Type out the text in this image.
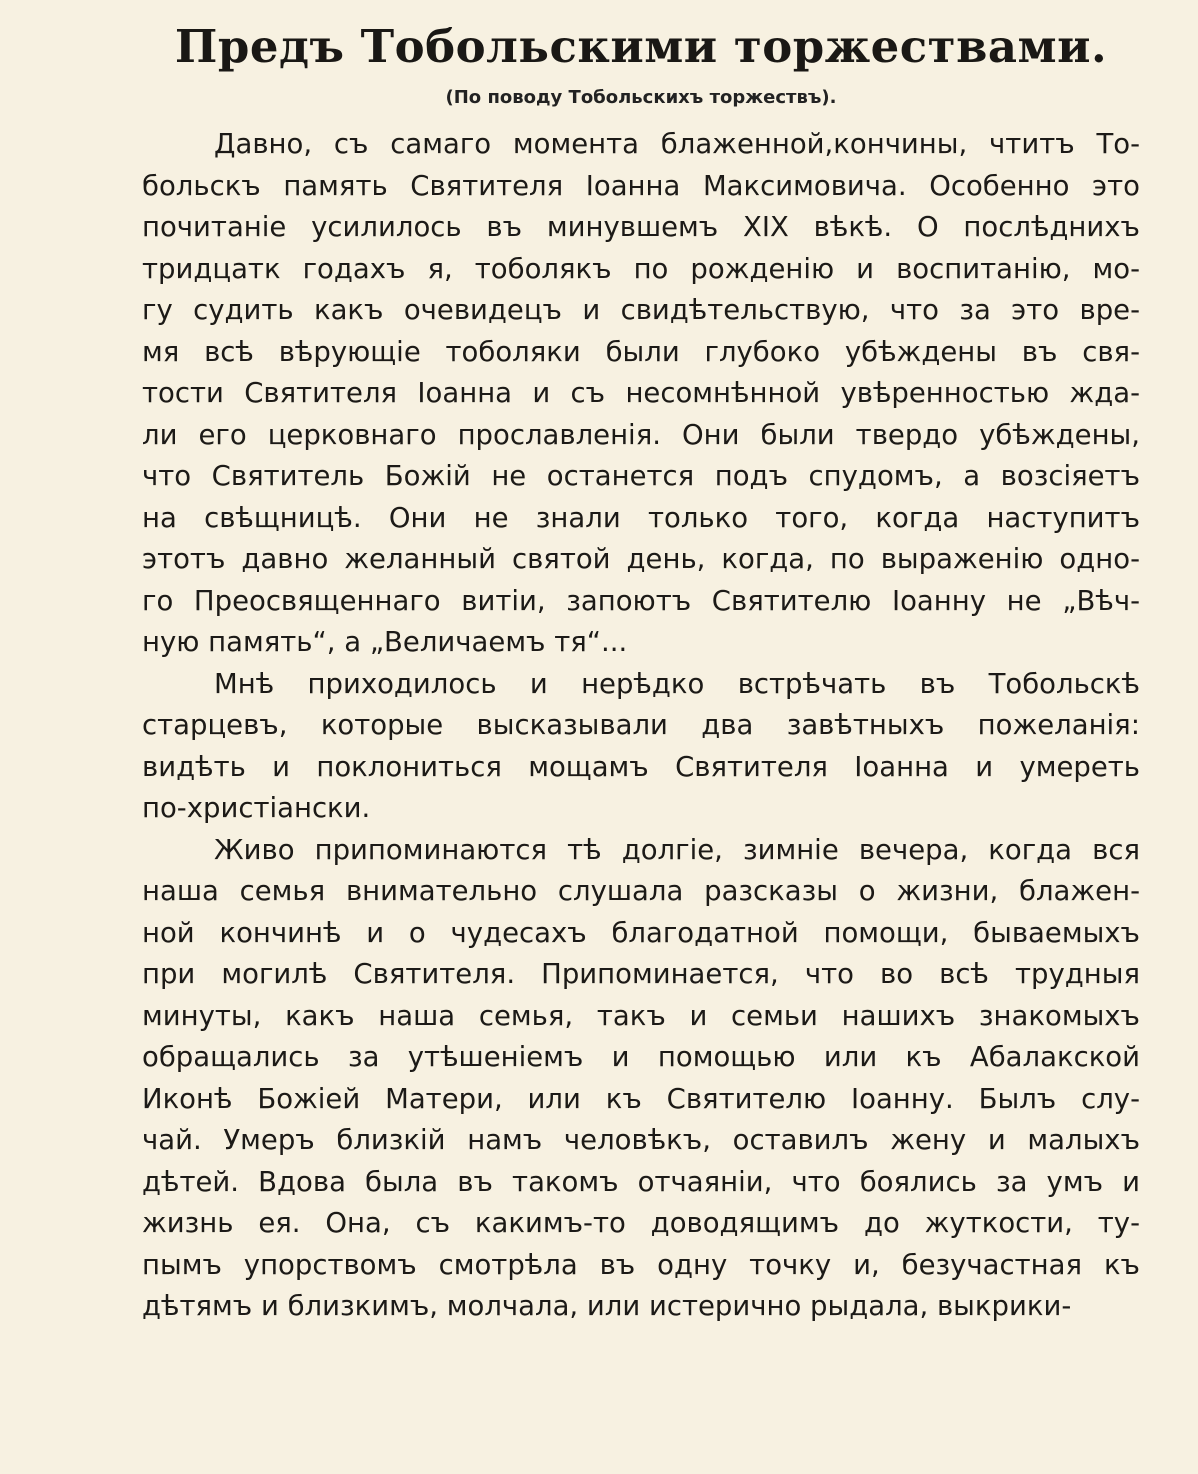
Предъ Тобольскими торжествами.
(По поводу Тобольскихъ торжествъ).
Давно, съ самаго момента блаженной,кончины, чтитъ То-
больскъ память Святителя Іоанна Максимовича. Особенно это
почитаніе усилилось въ минувшемъ XIX вѣкѣ. О послѣднихъ
тридцатк годахъ я, тоболякъ по рожденію и воспитанію, мо-
гу судить какъ очевидецъ и свидѣтельствую, что за это вре-
мя всѣ вѣрующіе тоболяки были глубоко убѣждены въ свя-
тости Святителя Іоанна и съ несомнѣнной увѣренностью жда-
ли его церковнаго прославленія. Они были твердо убѣждены,
что Святитель Божій не останется подъ спудомъ, а возсіяетъ
на свѣщницѣ. Они не знали только того, когда наступитъ
этотъ давно желанный святой день, когда, по выраженію одно-
го Преосвященнаго витіи, запоютъ Святителю Іоанну не „Вѣч-
ную память“, а „Величаемъ тя“...
Мнѣ приходилось и нерѣдко встрѣчать въ Тобольскѣ
старцевъ, которые высказывали два завѣтныхъ пожеланія:
видѣть и поклониться мощамъ Святителя Іоанна и умереть
по-христіански.
Живо припоминаются тѣ долгіе, зимніе вечера, когда вся
наша семья внимательно слушала разсказы о жизни, блажен-
ной кончинѣ и о чудесахъ благодатной помощи, бываемыхъ
при могилѣ Святителя. Припоминается, что во всѣ трудныя
минуты, какъ наша семья, такъ и семьи нашихъ знакомыхъ
обращались за утѣшеніемъ и помощью или къ Абалакской
Иконѣ Божіей Матери, или къ Святителю Іоанну. Былъ слу-
чай. Умеръ близкій намъ человѣкъ, оставилъ жену и малыхъ
дѣтей. Вдова была въ такомъ отчаяніи, что боялись за умъ и
жизнь ея. Она, съ какимъ-то доводящимъ до жуткости, ту-
пымъ упорствомъ смотрѣла въ одну точку и, безучастная къ
дѣтямъ и близкимъ, молчала, или истерично рыдала, выкрики-
